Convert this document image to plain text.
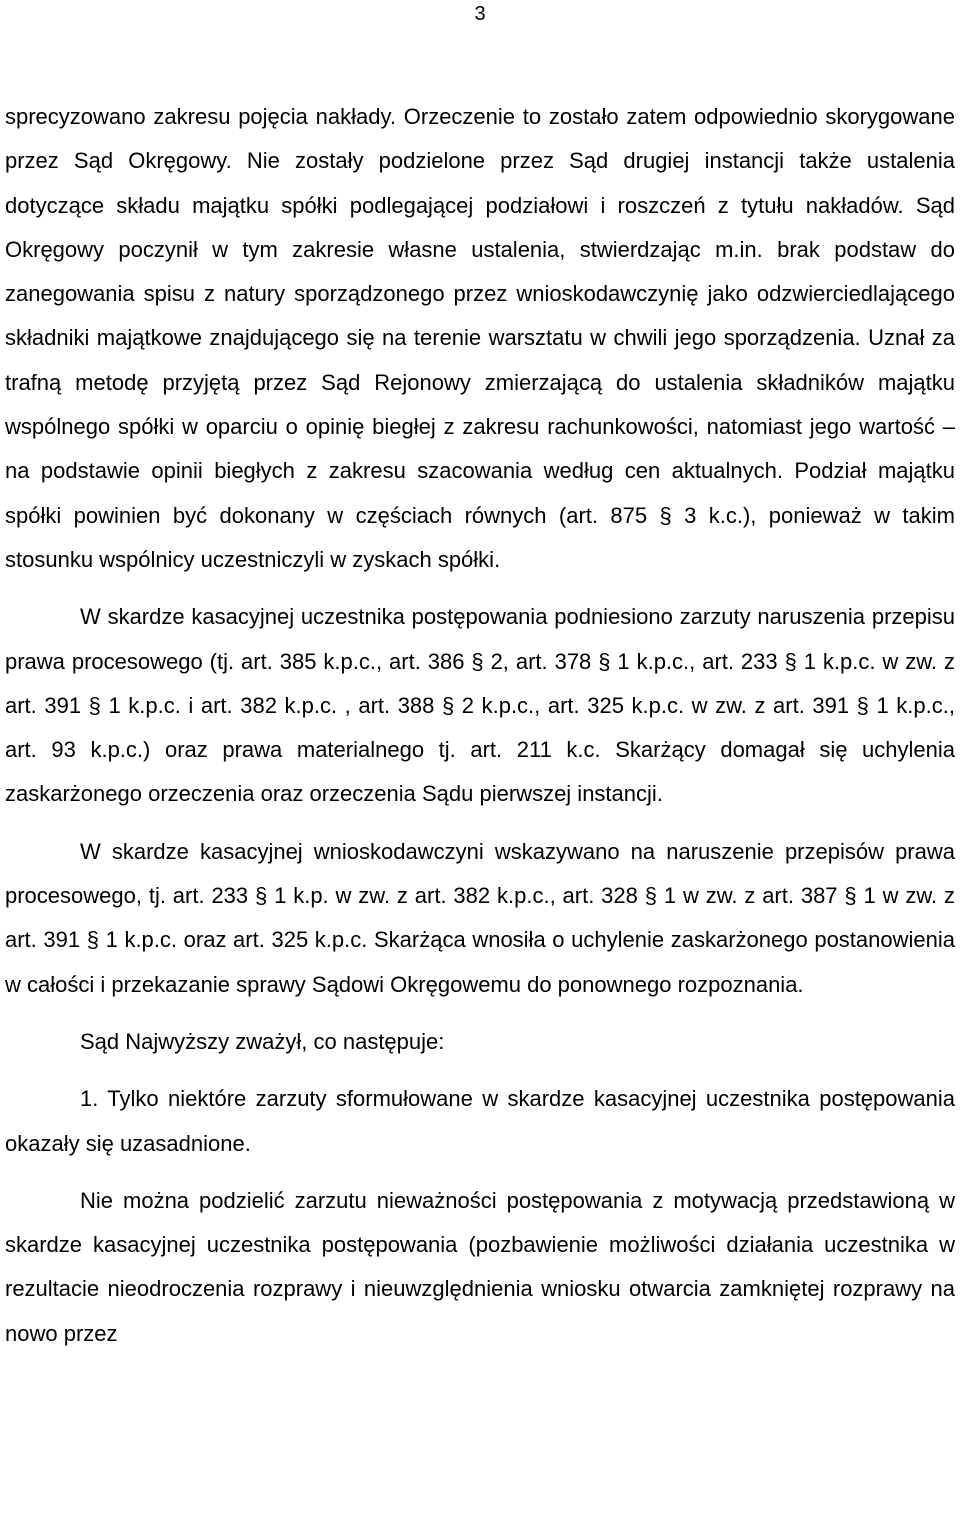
3

sprecyzowano zakresu pojęcia nakłady. Orzeczenie to zostało zatem odpowiednio skorygowane przez Sąd Okręgowy. Nie zostały podzielone przez Sąd drugiej instancji także ustalenia dotyczące składu majątku spółki podlegającej podziałowi i roszczeń z tytułu nakładów. Sąd Okręgowy poczynił w tym zakresie własne ustalenia, stwierdzając m.in. brak podstaw do zanegowania spisu z natury sporządzonego przez wnioskodawczynię jako odzwierciedlającego składniki majątkowe znajdującego się na terenie warsztatu w chwili jego sporządzenia. Uznał za trafną metodę przyjętą przez Sąd Rejonowy zmierzającą do ustalenia składników majątku wspólnego spółki w oparciu o opinię biegłej z zakresu rachunkowości, natomiast jego wartość – na podstawie opinii biegłych z zakresu szacowania według cen aktualnych. Podział majątku spółki powinien być dokonany w częściach równych (art. 875 § 3 k.c.), ponieważ w takim stosunku wspólnicy uczestniczyli w zyskach spółki.

W skardze kasacyjnej uczestnika postępowania podniesiono zarzuty naruszenia przepisu prawa procesowego (tj. art. 385 k.p.c., art. 386 § 2, art. 378 § 1 k.p.c., art. 233 § 1 k.p.c. w zw. z art. 391 § 1 k.p.c. i art. 382 k.p.c. , art. 388 § 2 k.p.c., art. 325 k.p.c. w zw. z art. 391 § 1 k.p.c., art. 93 k.p.c.) oraz prawa materialnego tj. art. 211 k.c. Skarżący domagał się uchylenia zaskarżonego orzeczenia oraz orzeczenia Sądu pierwszej instancji.

W skardze kasacyjnej wnioskodawczyni wskazywano na naruszenie przepisów prawa procesowego, tj. art. 233 § 1 k.p. w zw. z art. 382 k.p.c., art. 328 § 1 w zw. z art. 387 § 1 w zw. z art. 391 § 1 k.p.c. oraz art. 325 k.p.c. Skarżąca wnosiła o uchylenie zaskarżonego postanowienia w całości i przekazanie sprawy Sądowi Okręgowemu do ponownego rozpoznania.

Sąd Najwyższy zważył, co następuje:

1. Tylko niektóre zarzuty sformułowane w skardze kasacyjnej uczestnika postępowania okazały się uzasadnione.

Nie można podzielić zarzutu nieważności postępowania z motywacją przedstawioną w skardze kasacyjnej uczestnika postępowania (pozbawienie możliwości działania uczestnika w rezultacie nieodroczenia rozprawy i nieuwzględnienia wniosku otwarcia zamkniętej rozprawy na nowo przez
